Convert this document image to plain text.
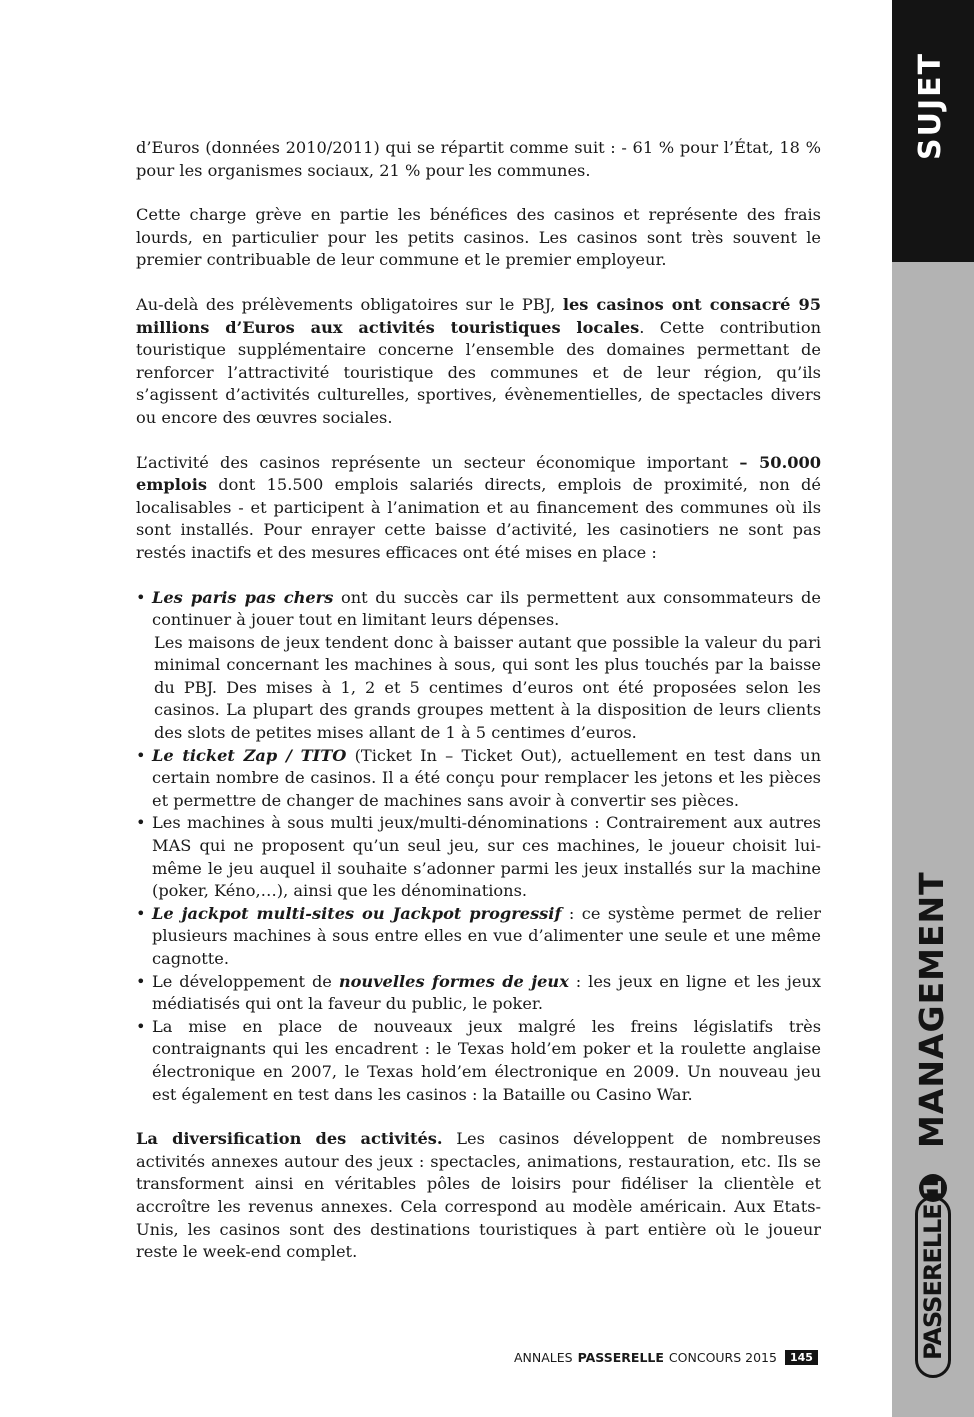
SUJET
MANAGEMENT
PASSERELLE1

d’Euros (données 2010/2011) qui se répartit comme suit : - 61 % pour l’État, 18 % pour les organismes sociaux, 21 % pour les communes.

Cette charge grève en partie les bénéfices des casinos et représente des frais lourds, en particulier pour les petits casinos. Les casinos sont très souvent le premier contribuable de leur commune et le premier employeur.

Au-delà des prélèvements obligatoires sur le PBJ, les casinos ont consacré 95 millions d’Euros aux activités touristiques locales. Cette contribution touristique supplémentaire concerne l’ensemble des domaines permettant de renforcer l’attractivité touristique des communes et de leur région, qu’ils s’agissent d’activités culturelles, sportives, évènementielles, de spectacles divers ou encore des œuvres sociales.

L’activité des casinos représente un secteur économique important – 50.000 emplois dont 15.500 emplois salariés directs, emplois de proximité, non dé localisables - et participent à l’animation et au financement des communes où ils sont installés. Pour enrayer cette baisse d’activité, les casinotiers ne sont pas restés inactifs et des mesures efficaces ont été mises en place :

• Les paris pas chers ont du succès car ils permettent aux consommateurs de continuer à jouer tout en limitant leurs dépenses.
Les maisons de jeux tendent donc à baisser autant que possible la valeur du pari minimal concernant les machines à sous, qui sont les plus touchés par la baisse du PBJ. Des mises à 1, 2 et 5 centimes d’euros ont été proposées selon les casinos. La plupart des grands groupes mettent à la disposition de leurs clients des slots de petites mises allant de 1 à 5 centimes d’euros.
• Le ticket Zap / TITO (Ticket In – Ticket Out), actuellement en test dans un certain nombre de casinos. Il a été conçu pour remplacer les jetons et les pièces et permettre de changer de machines sans avoir à convertir ses pièces.
• Les machines à sous multi jeux/multi-dénominations : Contrairement aux autres MAS qui ne proposent qu’un seul jeu, sur ces machines, le joueur choisit lui-même le jeu auquel il souhaite s’adonner parmi les jeux installés sur la machine (poker, Kéno,…), ainsi que les dénominations.
• Le jackpot multi-sites ou Jackpot progressif : ce système permet de relier plusieurs machines à sous entre elles en vue d’alimenter une seule et une même cagnotte.
• Le développement de nouvelles formes de jeux : les jeux en ligne et les jeux médiatisés qui ont la faveur du public, le poker.
• La mise en place de nouveaux jeux malgré les freins législatifs très contraignants qui les encadrent : le Texas hold’em poker et la roulette anglaise électronique en 2007, le Texas hold’em électronique en 2009. Un nouveau jeu est également en test dans les casinos : la Bataille ou Casino War.

La diversification des activités. Les casinos développent de nombreuses activités annexes autour des jeux : spectacles, animations, restauration, etc. Ils se transforment ainsi en véritables pôles de loisirs pour fidéliser la clientèle et accroître les revenus annexes. Cela correspond au modèle américain. Aux Etats-Unis, les casinos sont des destinations touristiques à part entière où le joueur reste le week-end complet.

ANNALES PASSERELLE CONCOURS 2015	145
